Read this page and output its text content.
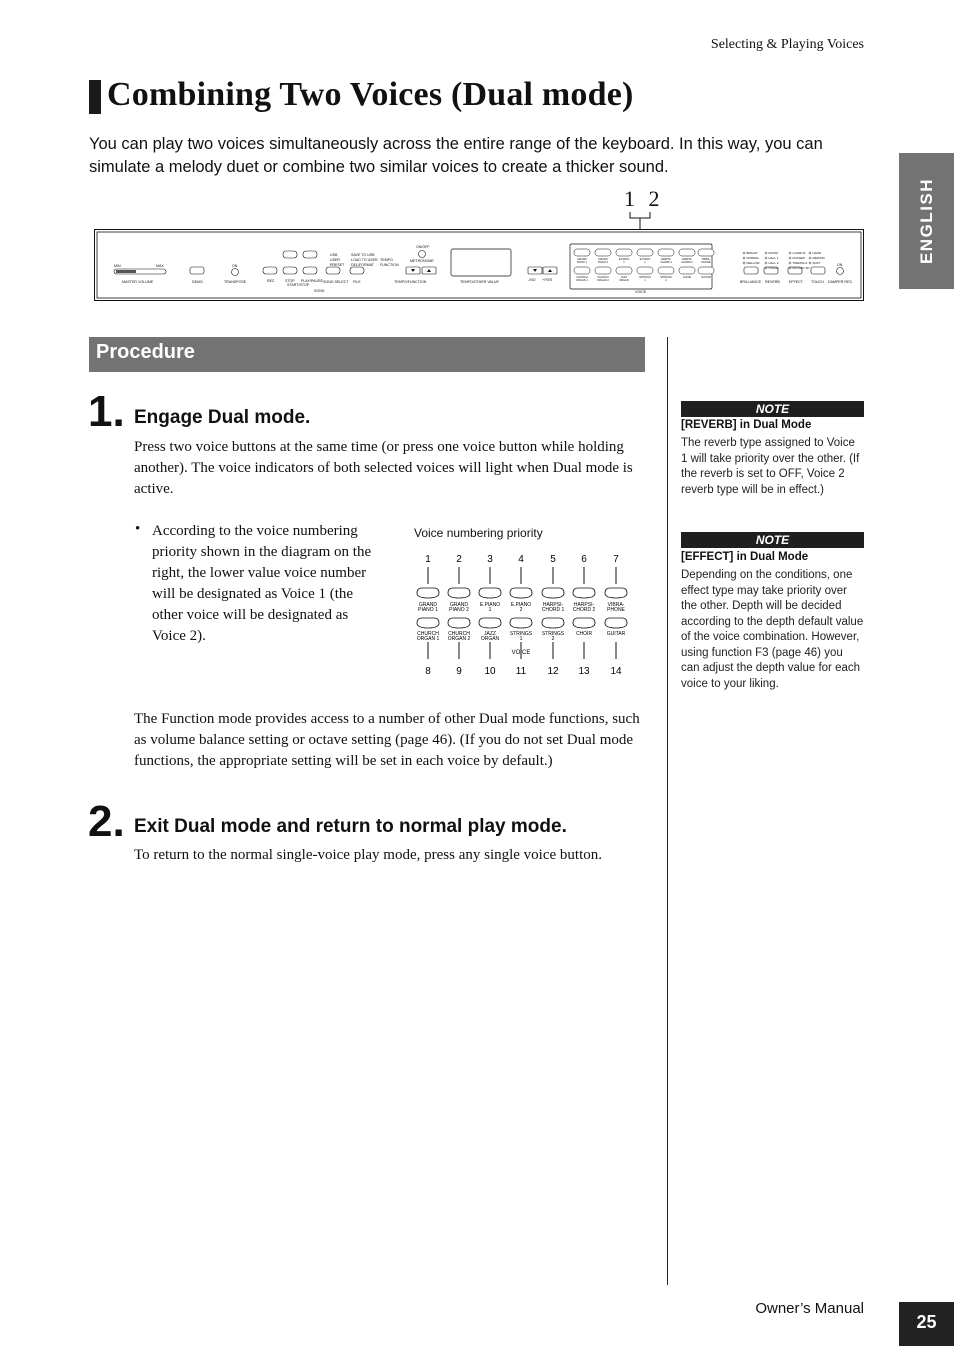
Selecting & Playing Voices
Combining Two Voices (Dual mode)
You can play two voices simultaneously across the entire range of the keyboard. In this way, you can simulate a melody duet or combine two similar voices to create a thicker sound.
ENGLISH
1 2
MIN	MAX
MASTER VOLUME	DEMO
ON
TRANSPOSE	REC	STOP PLAY/PAUSE
START/STOP
SONG
SONG SELECT FILE
USB
USER
PRESET
SAVE TO USB
LOAD TO USER
DEL/FORMAT
TEMPO
FUNCTION
ON/OFF
METRONOME
TEMPO/FUNCTION	TEMPO/OTHER VALUE	-/NO +/YES
GRAND
PIANO 1
CHURCH
ORGAN 1
GRAND
PIANO 2
CHURCH
ORGAN 2
E.PIANO
1
JAZZ
ORGAN
E.PIANO
2
STRINGS
1
HARPSI-
CHORD 1
STRINGS
2
HARPSI-
CHORD 2
CHOIR
VIBRA-
PHONE
GUITAR
VOICE
BRIGHT
NORMAL
MELLOW
ROOM
HALL 1
HALL 2
STAGE
CHORUS
PHASER
TREMOLO
ROTARY SP
HARD
MEDIUM
SOFT	ON
BRILLIANCE REVERB	EFFECT TOUCH DAMPER RES.
Procedure
1. Engage Dual mode.
Press two voice buttons at the same time (or press one voice button while holding another). The voice indicators of both selected voices will light when Dual mode is active.
• According to the voice numbering priority shown in the diagram on the right, the lower value voice number will be designated as Voice 1 (the other voice will be designated as Voice 2).
Voice numbering priority
1
GRAND
PIANO 1
CHURCH
ORGAN 1
8
2
GRAND
PIANO 2
CHURCH
ORGAN 2
9
3
E.PIANO
1
JAZZ
ORGAN
10
4
E.PIANO
2
STRINGS
1
11
5
HARPSI-
CHORD 1
STRINGS
2
12
6
HARPSI-
CHORD 2
CHOIR
13
7
VIBRA-
PHONE
GUITAR
14
VOICE
The Function mode provides access to a number of other Dual mode functions, such as volume balance setting or octave setting (page 46). (If you do not set Dual mode functions, the appropriate setting will be set in each voice by default.)
2. Exit Dual mode and return to normal play mode.
To return to the normal single-voice play mode, press any single voice button.
NOTE
[REVERB] in Dual Mode
The reverb type assigned to Voice 1 will take priority over the other. (If the reverb is set to OFF, Voice 2 reverb type will be in effect.)
NOTE
[EFFECT] in Dual Mode
Depending on the conditions, one effect type may take priority over the other. Depth will be decided according to the depth default value of the voice combination. However, using function F3 (page 46) you can adjust the depth value for each voice to your liking.
Owner’s Manual
25
